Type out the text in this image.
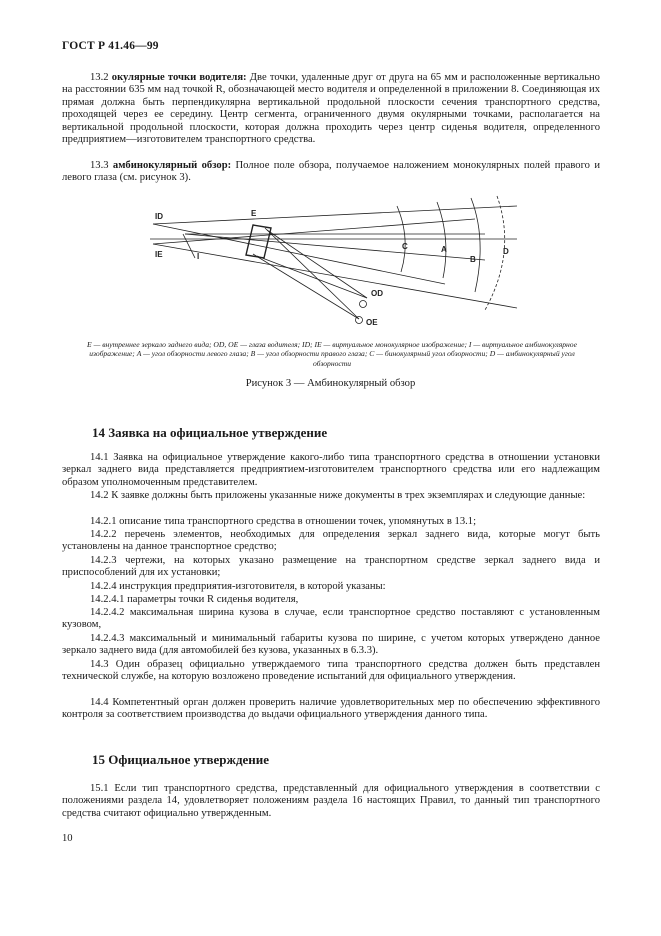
ГОСТ Р 41.46—99

13.2 окулярные точки водителя: Две точки, удаленные друг от друга на 65 мм и расположенные вертикально на расстоянии 635 мм над точкой R, обозначающей место водителя и определенной в приложении 8. Соединяющая их прямая должна быть перпендикулярна вертикальной продольной плоскости сечения транспортного средства, проходящей через ее середину. Центр сегмента, ограниченного двумя окулярными точками, располагается на вертикальной продольной плоскости, которая должна проходить через центр сиденья водителя, определенного предприятием—изготовителем транспортного средства.

13.3 амбинокулярный обзор: Полное поле обзора, получаемое наложением монокулярных полей правого и левого глаза (см. рисунок 3).

ID
IE	I
E
OD
OE
A
B
C
D
E — внутреннее зеркало заднего вида; OD, OE — глаза водителя; ID; IE — виртуальное монокулярное изображение; I — виртуальное амбинокулярное изображение; A — угол обзорности левого глаза; B — угол обзорности правого глаза; C — бинокулярный угол обзорности; D — амбинокулярный угол обзорности
Рисунок 3 — Амбинокулярный обзор
14 Заявка на официальное утверждение

14.1 Заявка на официальное утверждение какого-либо типа транспортного средства в отношении установки зеркал заднего вида представляется предприятием-изготовителем транспортного средства или его надлежащим образом уполномоченным представителем.

14.2 К заявке должны быть приложены указанные ниже документы в трех экземплярах и следующие данные:

14.2.1 описание типа транспортного средства в отношении точек, упомянутых в 13.1;

14.2.2 перечень элементов, необходимых для определения зеркал заднего вида, которые могут быть установлены на данное транспортное средство;

14.2.3 чертежи, на которых указано размещение на транспортном средстве зеркал заднего вида и приспособлений для их установки;

14.2.4 инструкция предприятия-изготовителя, в которой указаны:

14.2.4.1 параметры точки R сиденья водителя,

14.2.4.2 максимальная ширина кузова в случае, если транспортное средство поставляют с установленным кузовом,

14.2.4.3 максимальный и минимальный габариты кузова по ширине, с учетом которых утверждено данное зеркало заднего вида (для автомобилей без кузова, указанных в 6.3.3).

14.3 Один образец официально утверждаемого типа транспортного средства должен быть представлен технической службе, на которую возложено проведение испытаний для официального утверждения.

14.4 Компетентный орган должен проверить наличие удовлетворительных мер по обеспечению эффективного контроля за соответствием производства до выдачи официального утверждения данного типа.

15 Официальное утверждение

15.1 Если тип транспортного средства, представленный для официального утверждения в соответствии с положениями раздела 14, удовлетворяет положениям раздела 16 настоящих Правил, то данный тип транспортного средства считают официально утвержденным.

10
